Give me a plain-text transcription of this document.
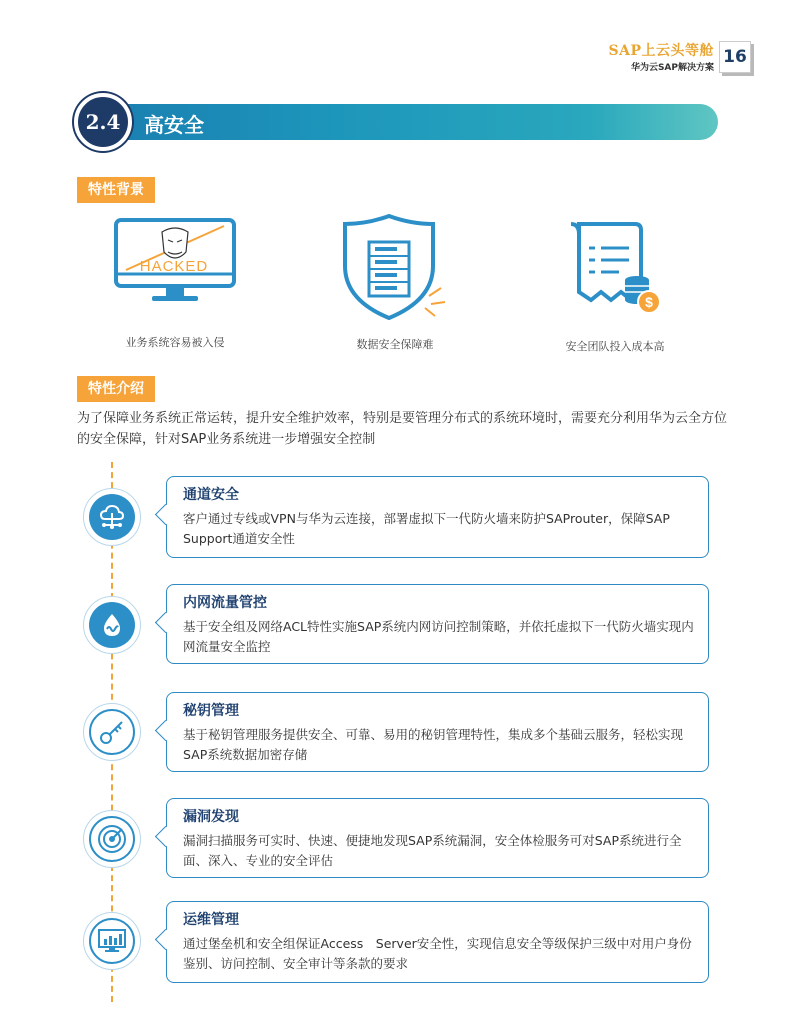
SAP上云头等舱
华为云SAP解决方案
16
2.4	高安全
特性背景
HACKED
业务系统容易被入侵	数据安全保障难
$
安全团队投入成本高
特性介绍
为了保障业务系统正常运转，提升安全维护效率，特别是要管理分布式的系统环境时，需要充分利用华为云全方位的安全保障，针对SAP业务系统进一步增强安全控制
通道安全
客户通过专线或VPN与华为云连接，部署虚拟下一代防火墙来防护SAProuter，保障SAP Support通道安全性
内网流量管控
基于安全组及网络ACL特性实施SAP系统内网访问控制策略，并依托虚拟下一代防火墙实现内网流量安全监控
秘钥管理
基于秘钥管理服务提供安全、可靠、易用的秘钥管理特性，集成多个基础云服务，轻松实现SAP系统数据加密存储
漏洞发现
漏洞扫描服务可实时、快速、便捷地发现SAP系统漏洞，安全体检服务可对SAP系统进行全面、深入、专业的安全评估
运维管理
通过堡垒机和安全组保证Access　Server安全性，实现信息安全等级保护三级中对用户身份鉴别、访问控制、安全审计等条款的要求
